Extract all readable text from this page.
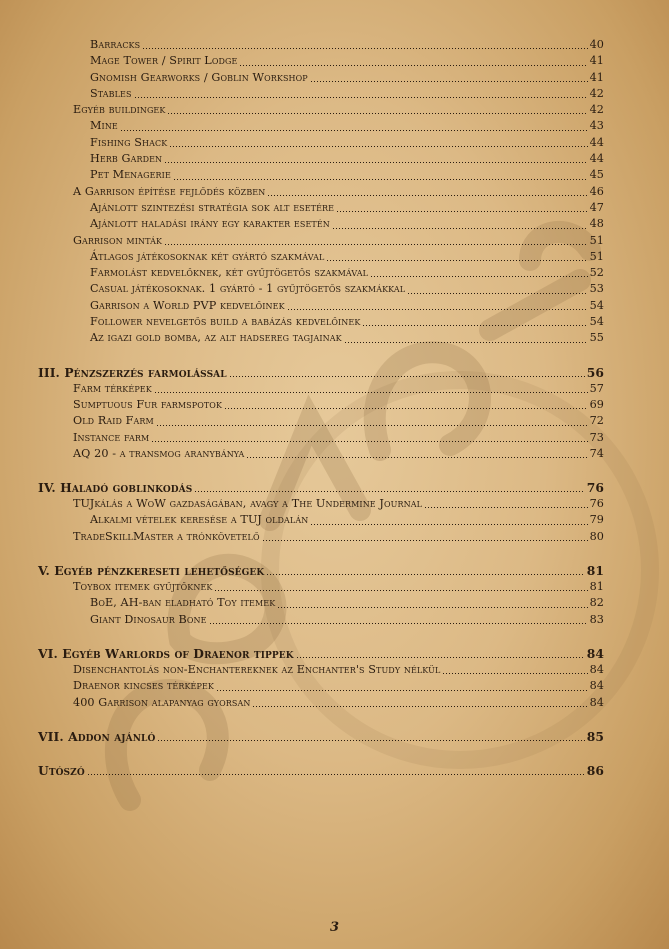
Barracks	40
Mage Tower / Spirit Lodge	41
Gnomish Gearworks / Goblin Workshop	41
Stables	42
Egyéb buildingek	42
Mine	43
Fishing Shack	44
Herb Garden	44
Pet Menagerie	45
A Garrison építése fejlődés közben	46
Ajánlott szintezési stratégia sok alt esetére	47
Ajánlott haladási irány egy karakter esetén	48
Garrison minták	51
Átlagos játékosoknak két gyártó szakmával	51
Farmolást kedvelőknek, két gyűjtögetős szakmával	52
Casual játékosoknak. 1 gyártó - 1 gyűjtögetős szakmákkal	53
Garrison a World PVP kedvelőinek	54
Follower nevelgetős build a babázás kedvelőinek	54
Az igazi gold bomba, az alt hadsereg tagjainak	55
III. Pénzszerzés farmolással	56
Farm térképek	57
Sumptuous Fur farmspotok	69
Old Raid Farm	72
Instance farm	73
AQ 20 - a transmog aranybánya	74
IV. Haladó goblinkodás	76
TUJkálás a WoW gazdaságában, avagy a The Undermine Journal	76
Alkalmi vételek keresése a TUJ oldalán	79
TradeSkillMaster a trónkövetelő	80
V. Egyéb pénzkereseti lehetőségek	81
Toybox itemek gyűjtőknek	81
BoE, AH-ban eladható Toy itemek	82
Giant Dinosaur Bone	83
VI. Egyéb Warlords of Draenor tippek	84
Disenchantolás non-Enchantereknek az Enchanter's Study nélkül	84
Draenor kincses térképek	84
400 Garrison alapanyag gyorsan	84
VII. Addon ajánló	85
Utószó	86
3
